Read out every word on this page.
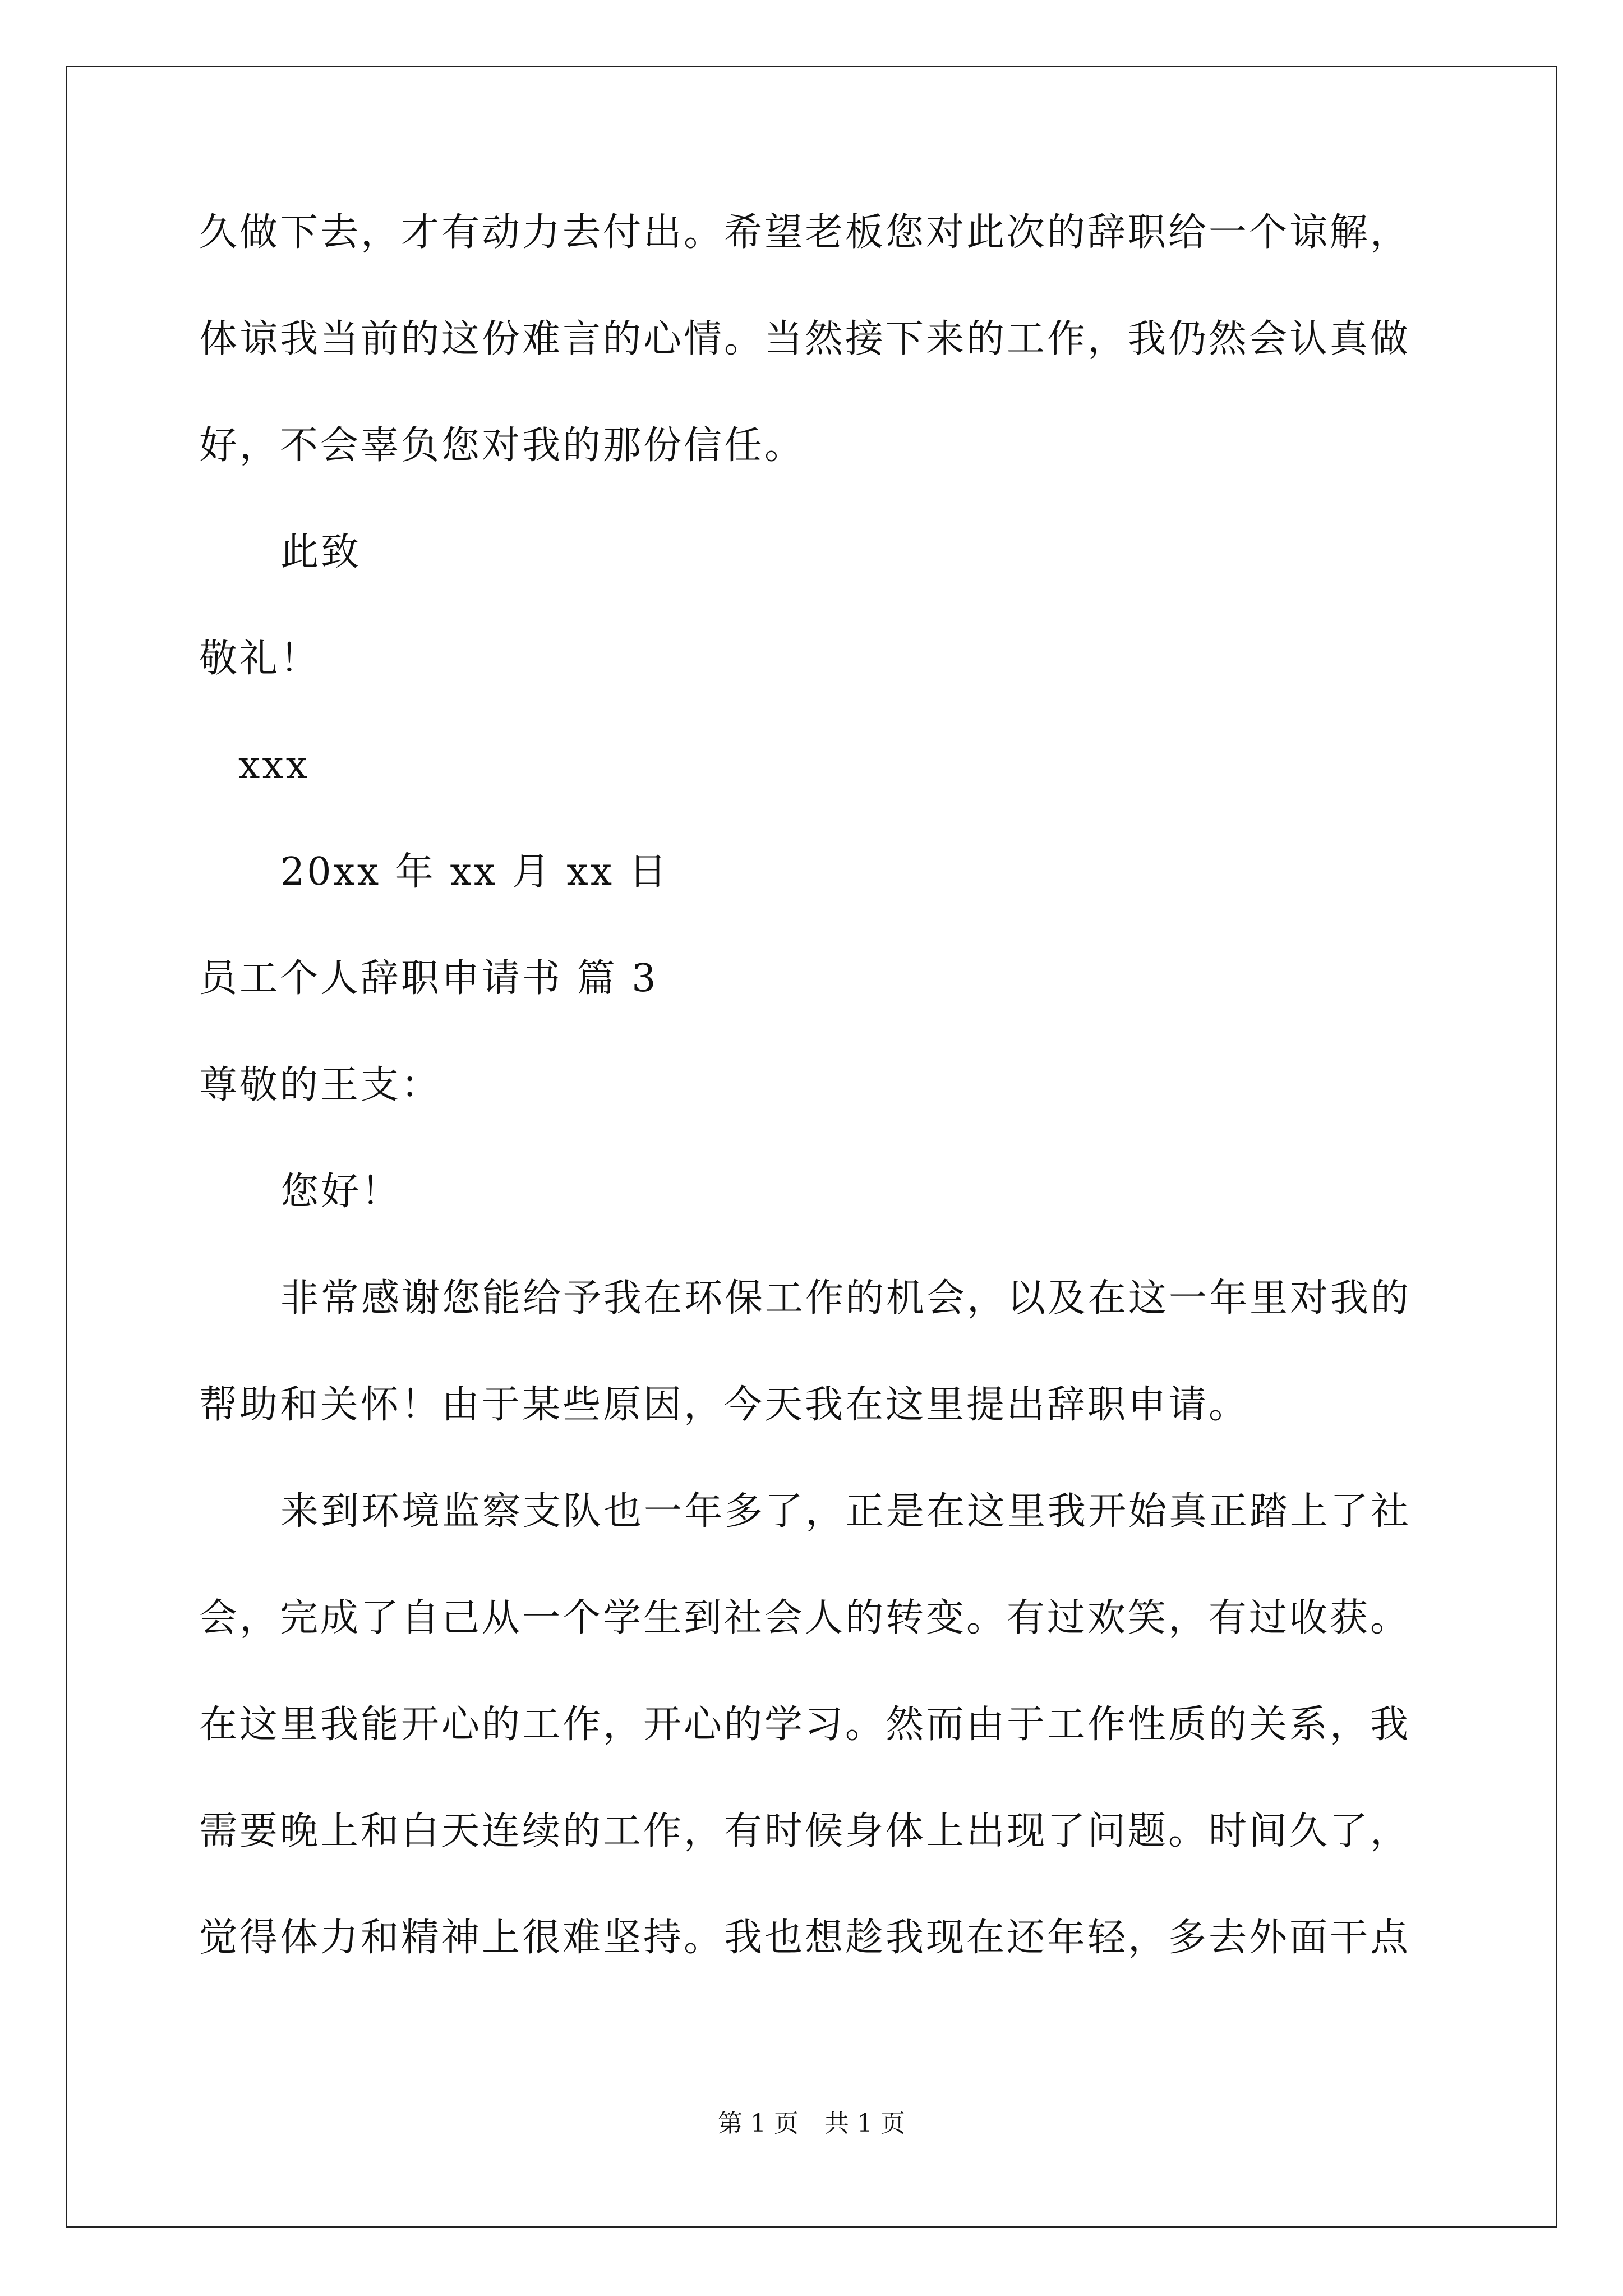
久做下去，才有动力去付出。希望老板您对此次的辞职给一个谅解，
体谅我当前的这份难言的心情。当然接下来的工作，我仍然会认真做
好，不会辜负您对我的那份信任。
此致
敬礼！
xxx
20xx 年 xx 月 xx 日
员工个人辞职申请书 篇 3
尊敬的王支：
您好！
非常感谢您能给予我在环保工作的机会，以及在这一年里对我的
帮助和关怀！由于某些原因，今天我在这里提出辞职申请。
来到环境监察支队也一年多了，正是在这里我开始真正踏上了社
会，完成了自己从一个学生到社会人的转变。有过欢笑，有过收获。
在这里我能开心的工作，开心的学习。然而由于工作性质的关系，我
需要晚上和白天连续的工作，有时候身体上出现了问题。时间久了，
觉得体力和精神上很难坚持。我也想趁我现在还年轻，多去外面干点
第 1 页 共 1 页
